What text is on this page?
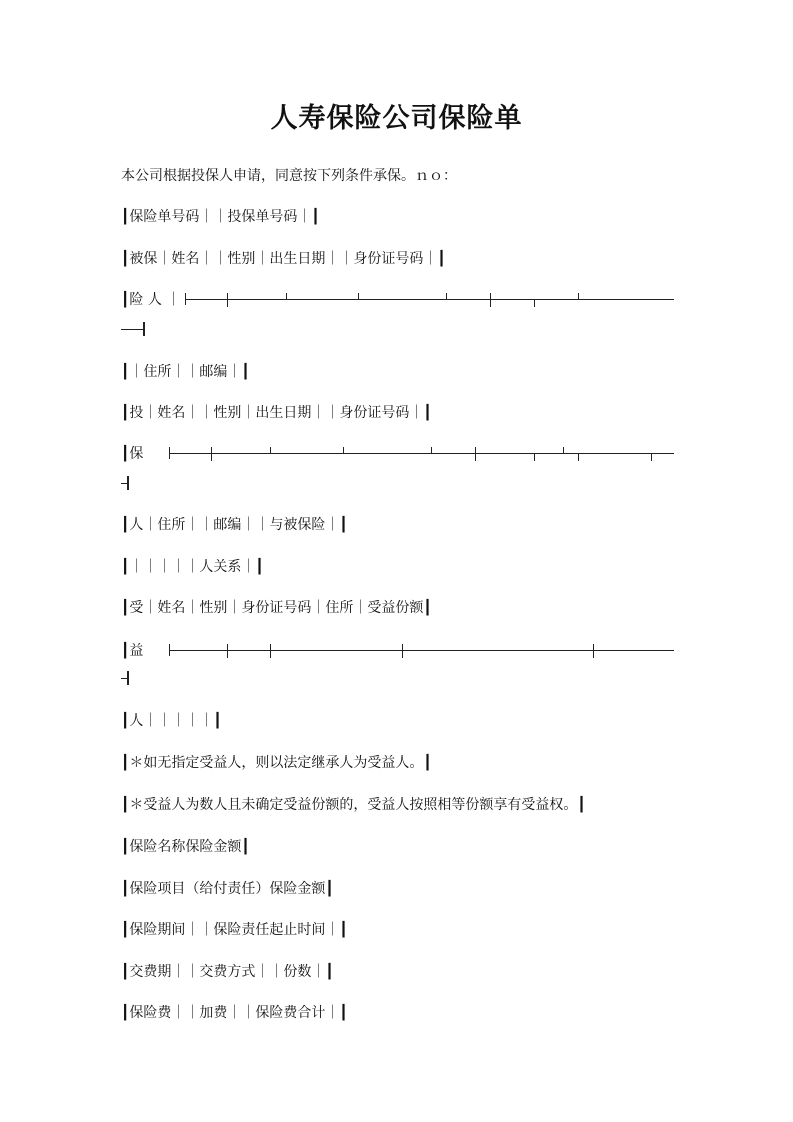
人寿保险公司保险单
本公司根据投保人申请，同意按下列条件承保。ｎｏ：
┃保险单号码｜｜投保单号码｜┃
┃被保｜姓名｜｜性别｜出生日期｜｜身份证号码｜┃
┃险 人 ｜
┃｜住所｜｜邮编｜┃
┃投｜姓名｜｜性别｜出生日期｜｜身份证号码｜┃
┃保
┃人｜住所｜｜邮编｜｜与被保险｜┃
┃｜｜｜｜｜人关系｜┃
┃受｜姓名｜性别｜身份证号码｜住所｜受益份额┃
┃益
┃人｜｜｜｜｜┃
┃＊如无指定受益人，则以法定继承人为受益人。┃
┃＊受益人为数人且未确定受益份额的，受益人按照相等份额享有受益权。┃
┃保险名称保险金额┃
┃保险项目（给付责任）保险金额┃
┃保险期间｜｜保险责任起止时间｜┃
┃交费期｜｜交费方式｜｜份数｜┃
┃保险费｜｜加费｜｜保险费合计｜┃
